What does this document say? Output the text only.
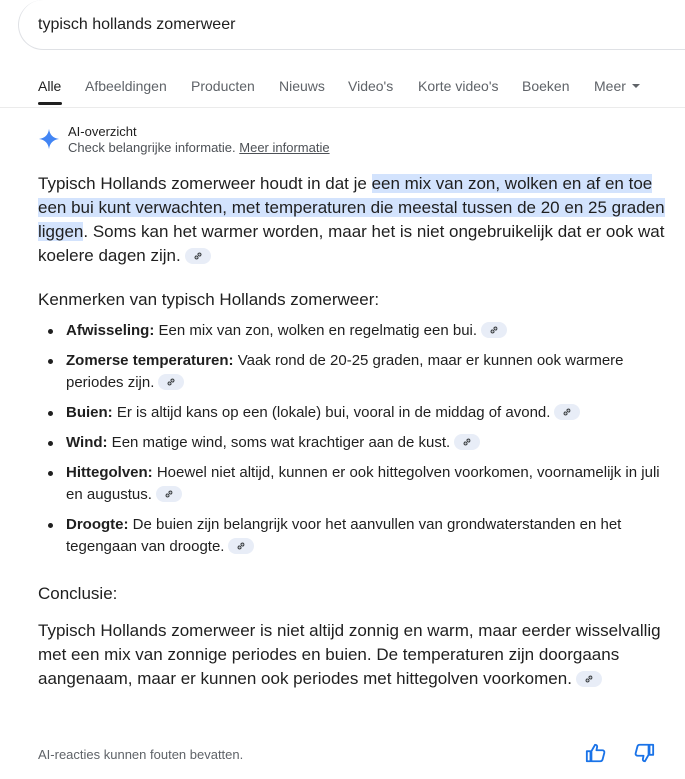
typisch hollands zomerweer
Alle Afbeeldingen Producten Nieuws Video's Korte video's Boeken Meer
AI-overzicht
Check belangrijke informatie. Meer informatie
Typisch Hollands zomerweer houdt in dat je een mix van zon, wolken en af en toe een bui kunt verwachten, met temperaturen die meestal tussen de 20 en 25 graden liggen. Soms kan het warmer worden, maar het is niet ongebruikelijk dat er ook wat koelere dagen zijn.
Kenmerken van typisch Hollands zomerweer:
Afwisseling: Een mix van zon, wolken en regelmatig een bui.
Zomerse temperaturen: Vaak rond de 20-25 graden, maar er kunnen ook warmere periodes zijn.
Buien: Er is altijd kans op een (lokale) bui, vooral in de middag of avond.
Wind: Een matige wind, soms wat krachtiger aan de kust.
Hittegolven: Hoewel niet altijd, kunnen er ook hittegolven voorkomen, voornamelijk in juli en augustus.
Droogte: De buien zijn belangrijk voor het aanvullen van grondwaterstanden en het tegengaan van droogte.
Conclusie:
Typisch Hollands zomerweer is niet altijd zonnig en warm, maar eerder wisselvallig met een mix van zonnige periodes en buien. De temperaturen zijn doorgaans aangenaam, maar er kunnen ook periodes met hittegolven voorkomen.
AI-reacties kunnen fouten bevatten.
